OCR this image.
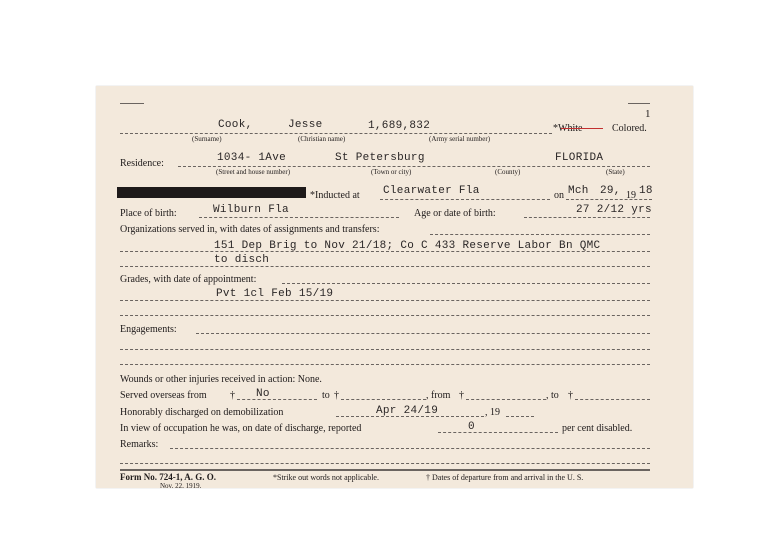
1
Cook,	Jesse	1,689,832	*White	Colored.
(Surname)	(Christian name)	(Army serial number)
Residence:	1034- 1Ave	St Petersburg	FLORIDA
(Street and house number)	(Town or city)	(County)	(State)
*Inducted at Clearwater Fla	on Mch 29, 19 18
Place of birth:	Wilburn Fla	Age or date of birth:	27 2/12 yrs
Organizations served in, with dates of assignments and transfers:
151 Dep Brig to Nov 21/18; Co C 433 Reserve Labor Bn QMC
to disch
Grades, with date of appointment:
Pvt 1cl Feb 15/19
Engagements:
Wounds or other injuries received in action: None.
Served overseas from † No	to †	, from †	, to †
Honorably discharged on demobilization	Apr 24/19	, 19
In view of occupation he was, on date of discharge, reported	0	per cent disabled.
Remarks:
Form No. 724-1, A. G. O.
Nov. 22, 1919.
*Strike out words not applicable.	† Dates of departure from and arrival in the U. S.
